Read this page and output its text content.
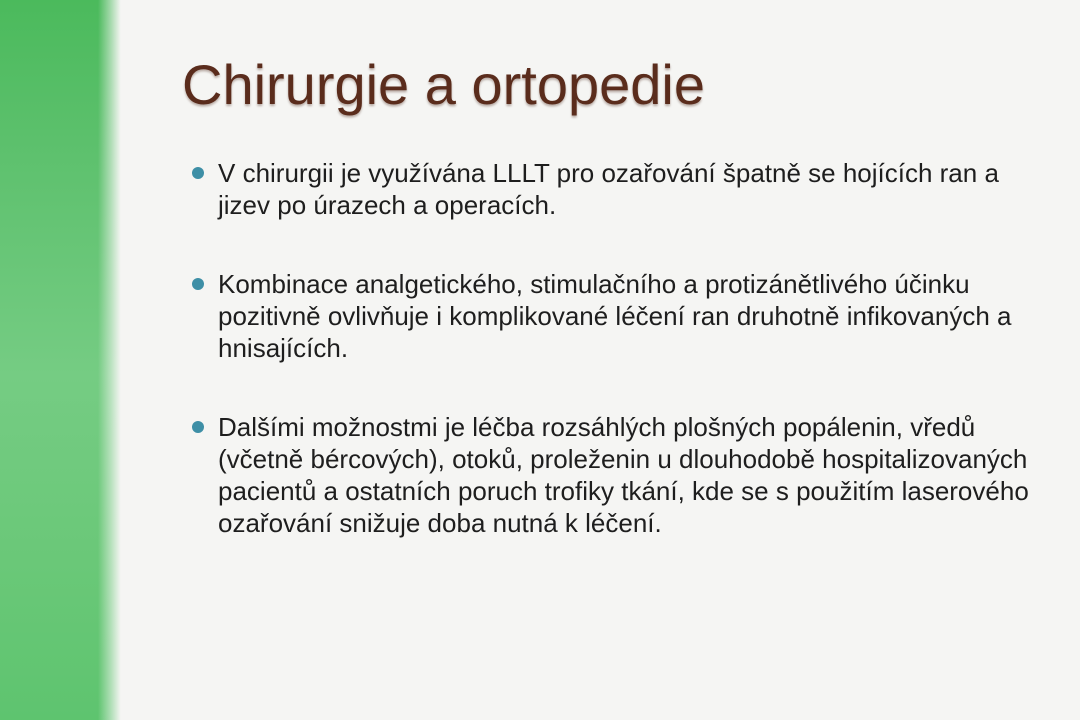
Chirurgie a ortopedie
V chirurgii je využívána LLLT pro ozařování špatně se hojících ran a jizev po úrazech a operacích.
Kombinace analgetického, stimulačního a protizánětlivého účinku pozitivně ovlivňuje i komplikované léčení ran druhotně infikovaných a hnisajících.
Dalšími možnostmi je léčba rozsáhlých plošných popálenin, vředů (včetně bércových), otoků, proleženin u dlouhodobě hospitalizovaných pacientů a ostatních poruch trofiky tkání, kde se s použitím laserového ozařování snižuje doba nutná k léčení.
